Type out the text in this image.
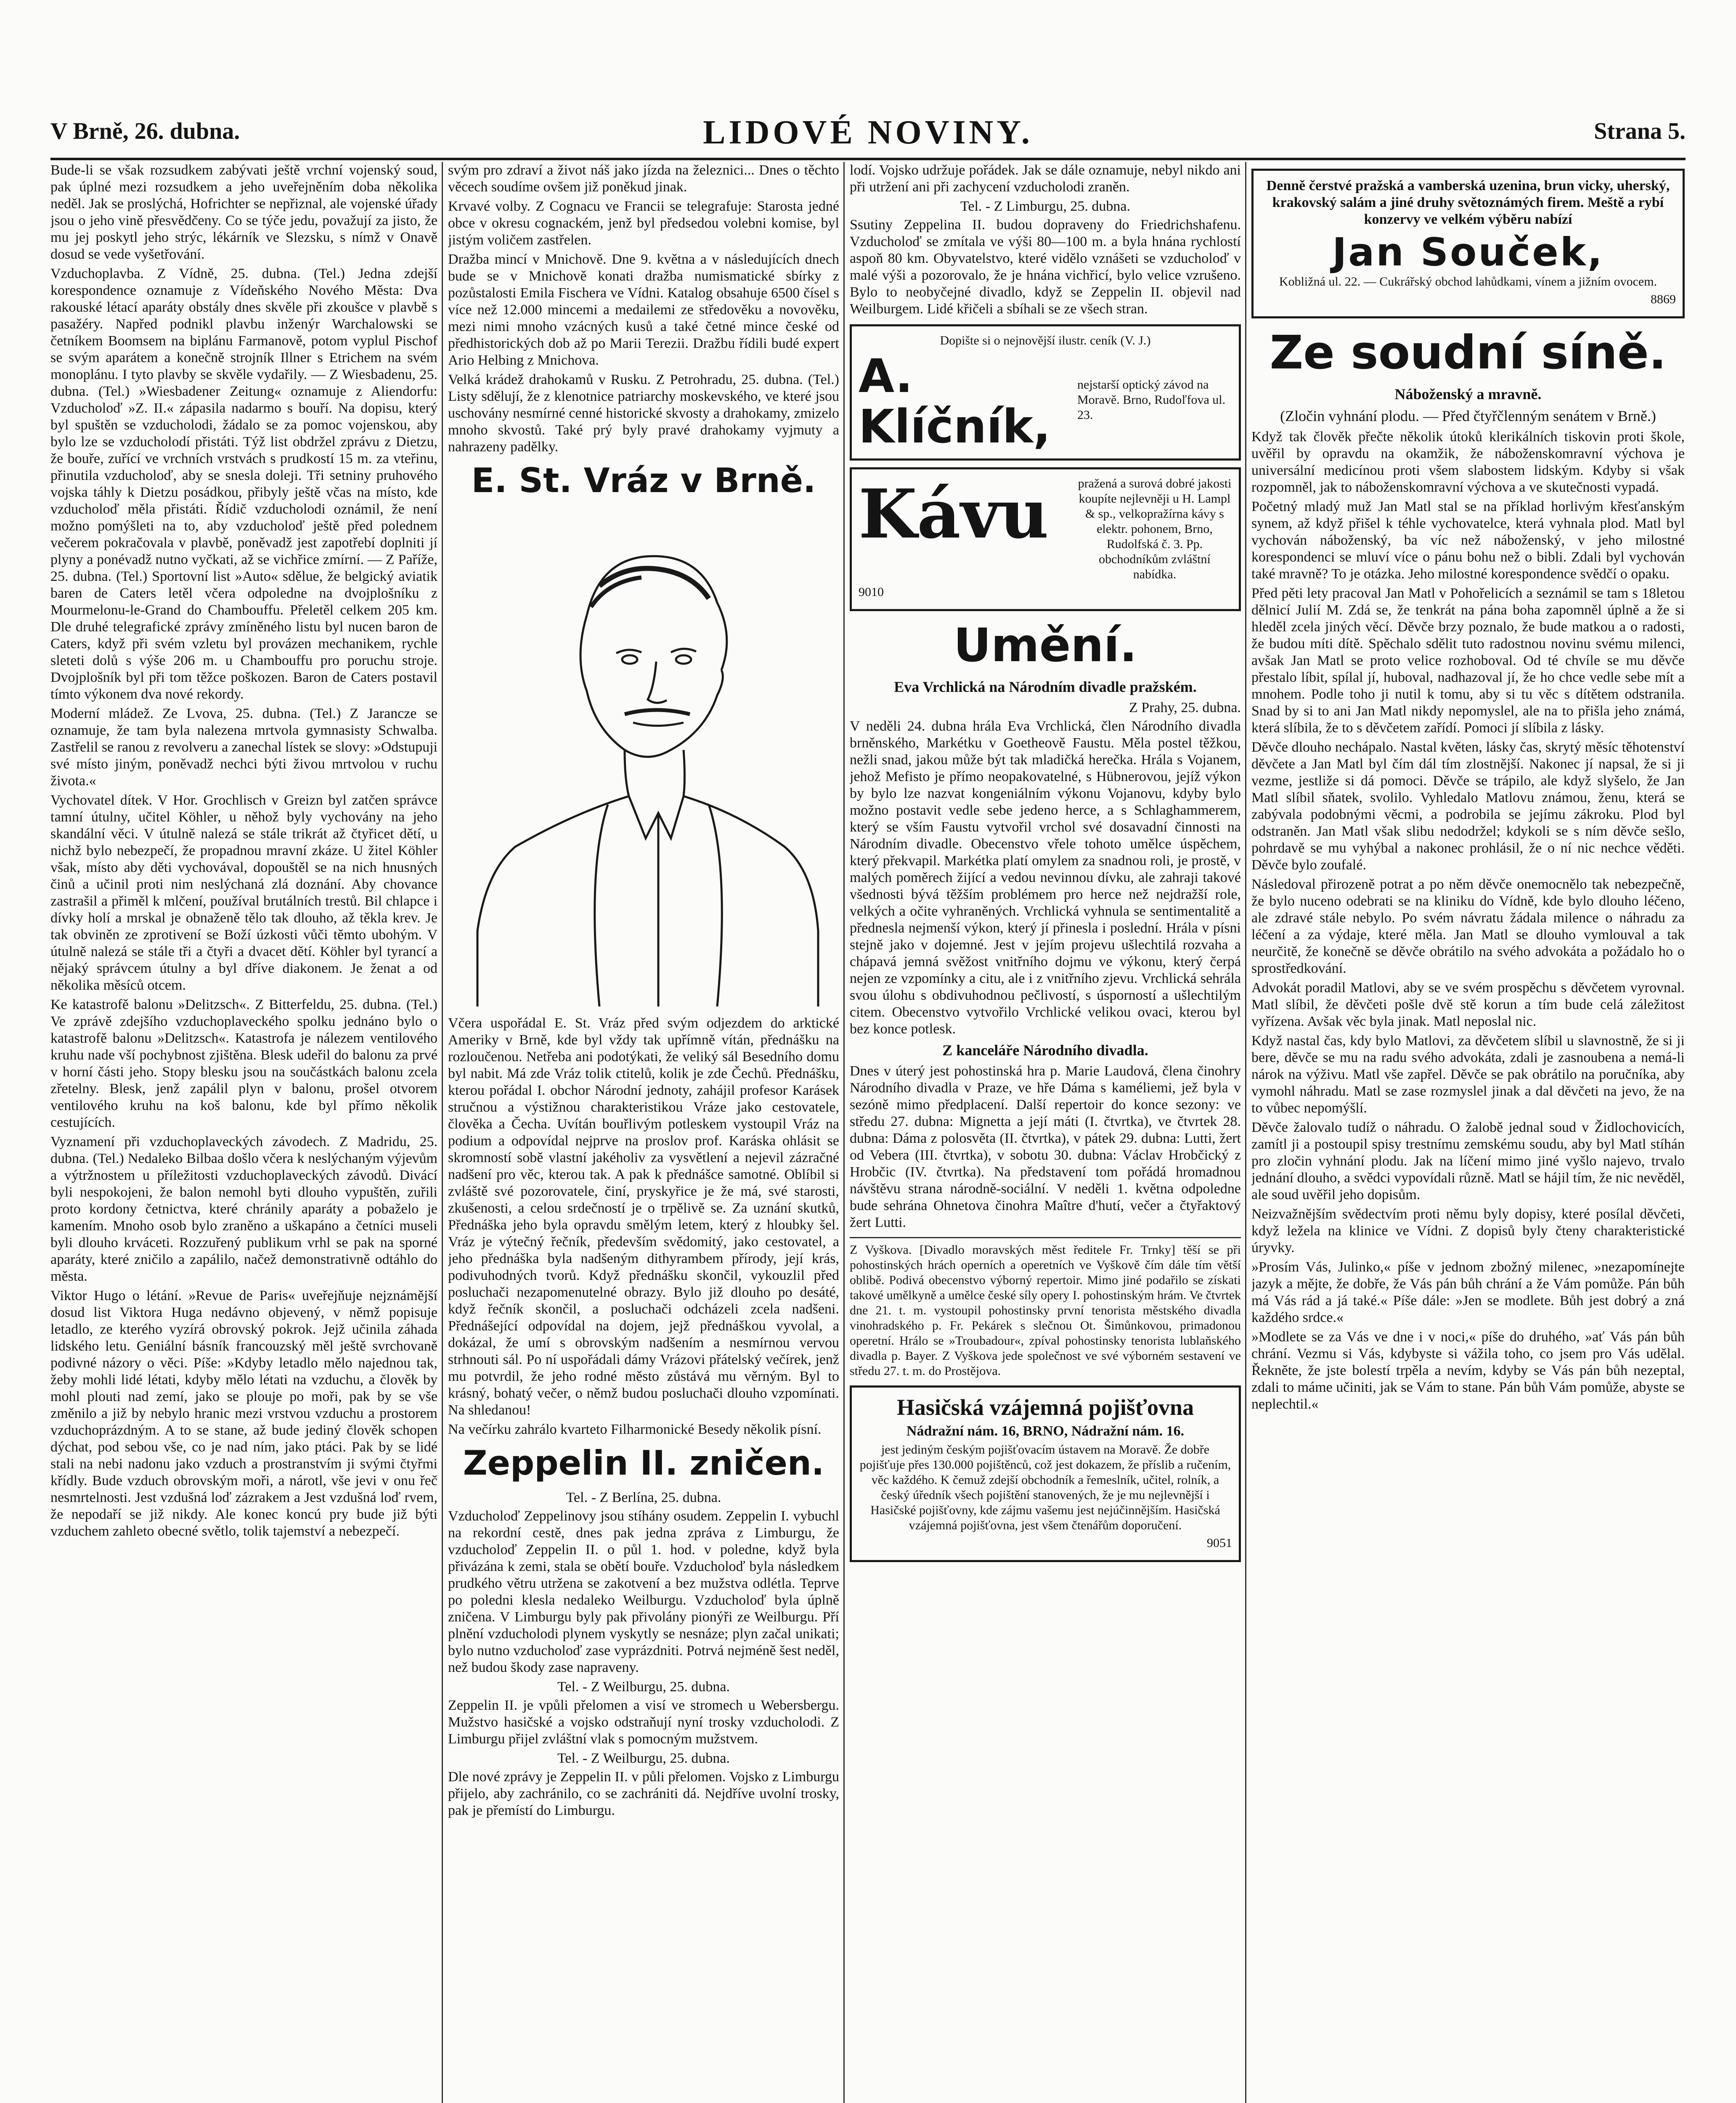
V Brně, 26. dubna.	LIDOVÉ NOVINY.	Strana 5.

Bude-li se však rozsudkem zabývati ještě vrchní vojenský soud, pak úplné mezi rozsudkem a jeho uveřejněním doba několika neděl. Jak se proslýchá, Hofrichter se nepřiznal, ale vojenské úřady jsou o jeho vině přesvědčeny. Co se týče jedu, považují za jisto, že mu jej poskytl jeho strýc, lékárník ve Slezsku, s nímž v Onavě dosud se vede vyšetřování.

Vzduchoplavba. Z Vídně, 25. dubna. (Tel.) Jedna zdejší korespondence oznamuje z Vídeňského Nového Města: Dva rakouské létací aparáty obstály dnes skvěle při zkoušce v plavbě s pasažéry. Napřed podnikl plavbu inženýr Warchalowski se četníkem Boomsem na biplánu Farmanově, potom vyplul Pischof se svým aparátem a konečně strojník Illner s Etrichem na svém monoplánu. I tyto plavby se skvěle vydařily. — Z Wiesbadenu, 25. dubna. (Tel.) »Wiesbadener Zeitung« oznamuje z Aliendorfu: Vzducholoď »Z. II.« zápasila nadarmo s bouří. Na dopisu, který byl spuštěn se vzducholodi, žádalo se za pomoc vojenskou, aby bylo lze se vzducholodí přistáti. Týž list obdržel zprávu z Dietzu, že bouře, zuřící ve vrchních vrstvách s prudkostí 15 m. za vteřinu, přinutila vzducholoď, aby se snesla doleji. Tři setniny pruhového vojska táhly k Dietzu posádkou, přibyly ještě včas na místo, kde vzducholoď měla přistáti. Řídič vzducholodi oznámil, že není možno pomýšleti na to, aby vzducholoď ještě před polednem večerem pokračovala v plavbě, poněvadž jest zapotřebí doplniti jí plyny a ponévadž nutno vyčkati, až se vichřice zmírní. — Z Paříže, 25. dubna. (Tel.) Sportovní list »Auto« sdělue, že belgický aviatik baren de Caters letěl včera odpoledne na dvojplošníku z Mourmelonu-le-Grand do Chambouffu. Přeletěl celkem 205 km. Dle druhé telegrafické zprávy zmíněného listu byl nucen baron de Caters, když při svém vzletu byl provázen mechanikem, rychle sleteti dolů s výše 206 m. u Chambouffu pro poruchu stroje. Dvojplošník byl při tom těžce poškozen. Baron de Caters postavil tímto výkonem dva nové rekordy.

Moderní mládež. Ze Lvova, 25. dubna. (Tel.) Z Jarancze se oznamuje, že tam byla nalezena mrtvola gymnasisty Schwalba. Zastřelil se ranou z revolveru a zanechal lístek se slovy: »Odstupuji své místo jiným, poněvadž nechci býti živou mrtvolou v ruchu života.«

Vychovatel dítek. V Hor. Grochlisch v Greizn byl zatčen správce tamní útulny, učitel Köhler, u něhož byly vychovány na jeho skandální věci. V útulně nalezá se stále trikrát až čtyřicet dětí, u nichž bylo nebezpečí, že propadnou mravní zkáze. U žitel Köhler však, místo aby děti vychovával, dopouštěl se na nich hnusných činů a učinil proti nim neslýchaná zlá doznání. Aby chovance zastrašil a přiměl k mlčení, používal brutálních trestů. Bil chlapce i dívky holí a mrskal je obnaženě tělo tak dlouho, až těkla krev. Je tak obviněn ze zprotivení se Boží úzkosti vůči těmto ubohým. V útulně nalezá se stále tři a čtyři a dvacet dětí. Köhler byl tyrancí a nějaký správcem útulny a byl dříve diakonem. Je ženat a od několika měsíců otcem.

Ke katastrofě balonu »Delitzsch«. Z Bitterfeldu, 25. dubna. (Tel.) Ve zprávě zdejšího vzduchoplaveckého spolku jednáno bylo o katastrofě balonu »Delitzsch«. Katastrofa je nálezem ventilového kruhu nade vší pochybnost zjištěna. Blesk udeřil do balonu za prvé v horní části jeho. Stopy blesku jsou na součástkách balonu zcela zřetelny. Blesk, jenž zapálil plyn v balonu, prošel otvorem ventilového kruhu na koš balonu, kde byl přímo několik cestujících.

Vyznamení při vzduchoplaveckých závodech. Z Madridu, 25. dubna. (Tel.) Nedaleko Bilbaa došlo včera k neslýchaným výjevům a výtržnostem u příležitosti vzduchoplaveckých závodů. Divácí byli nespokojeni, že balon nemohl byti dlouho vypuštěn, zuřili proto kordony četnictva, které chránily aparáty a pobaželo je kamením. Mnoho osob bylo zraněno a uškapáno a četníci museli byli dlouho krváceti. Rozzuřený publikum vrhl se pak na sporné aparáty, které zničilo a zapálilo, načež demonstrativně odtáhlo do města.

Viktor Hugo o létání. »Revue de Paris« uveřejňuje nejznámější dosud list Viktora Huga nedávno objevený, v němž popisuje letadlo, ze kterého vyzírá obrovský pokrok. Jejž učinila záhada lidského letu. Geniální básník francouzský měl ještě svrchovaně podivné názory o věci. Píše: »Kdyby letadlo mělo najednou tak, žeby mohli lidé létati, kdyby mělo létati na vzduchu, a člověk by mohl plouti nad zemí, jako se plouje po moři, pak by se vše změnilo a již by nebylo hranic mezi vrstvou vzduchu a prostorem vzduchoprázdným. A to se stane, až bude jediný člověk schopen dýchat, pod sebou vše, co je nad ním, jako ptáci. Pak by se lidé stali na nebi nadonu jako vzduch a prostranstvím ji svými čtyřmi křídly. Bude vzduch obrovským moři, a nárotl, vše jevi v onu řeč nesmrtelnosti. Jest vzdušná loď zázrakem a Jest vzdušná loď rvem, že nepodaří se již nikdy. Ale konec koncú pry bude již býti vzduchem zahleto obecné světlo, tolik tajemství a nebezpečí.

svým pro zdraví a život náš jako jízda na železnici... Dnes o těchto věcech soudíme ovšem již poněkud jinak.

Krvavé volby. Z Cognacu ve Francii se telegrafuje: Starosta jedné obce v okresu cognackém, jenž byl předsedou volebni komise, byl jistým voličem zastřelen.

Dražba mincí v Mnichově. Dne 9. května a v následujících dnech bude se v Mnichově konati dražba numismatické sbírky z pozůstalosti Emila Fischera ve Vídni. Katalog obsahuje 6500 čísel s více než 12.000 mincemi a medailemi ze středověku a novověku, mezi nimi mnoho vzácných kusů a také četné mince české od předhistorických dob až po Marii Terezii. Dražbu řídili budé expert Ario Helbing z Mnichova.

Velká krádež drahokamů v Rusku. Z Petrohradu, 25. dubna. (Tel.) Listy sdělují, že z klenotnice patriarchy moskevského, ve které jsou uschovány nesmírné cenné historické skvosty a drahokamy, zmizelo mnoho skvostů. Také prý byly pravé drahokamy vyjmuty a nahrazeny padělky.

E. St. Vráz v Brně.

Včera uspořádal E. St. Vráz před svým odjezdem do arktické Ameriky v Brně, kde byl vždy tak upřímně vítán, přednášku na rozloučenou. Netřeba ani podotýkati, že veliký sál Besedního domu byl nabit. Má zde Vráz tolik ctitelů, kolik je zde Čechů. Přednášku, kterou pořádal I. obchor Národní jednoty, zahájil profesor Karásek stručnou a výstižnou charakteristikou Vráze jako cestovatele, člověka a Čecha. Uvítán bouřlivým potleskem vystoupil Vráz na podium a odpovídal nejprve na proslov prof. Karáska ohlásit se skromností sobě vlastní jakéholiv za vysvětlení a nejevil zázračné nadšení pro věc, kterou tak. A pak k přednášce samotné. Oblíbil si zvláště své pozorovatele, činí, pryskyřice je že má, své starosti, zkušenosti, a celou srdečností je o trpělivě se. Za uznání skutků, Přednáška jeho byla opravdu smělým letem, který z hloubky šel. Vráz je výtečný řečník, především svědomitý, jako cestovatel, a jeho přednáška byla nadšeným dithyrambem přírody, její krás, podivuhodných tvorů. Když přednášku skončil, vykouzlil před posluchači nezapomenutelné obrazy. Bylo již dlouho po desáté, když řečník skončil, a posluchači odcházeli zcela nadšeni. Přednášející odpovídal na dojem, jejž přednáškou vyvolal, a dokázal, že umí s obrovským nadšením a nesmírnou vervou strhnouti sál. Po ní uspořádali dámy Vrázovi přátelský večírek, jenž mu potvrdil, že jeho rodné město zůstává mu věrným. Byl to krásný, bohatý večer, o němž budou posluchači dlouho vzpomínati. Na shledanou!

Na večírku zahrálo kvarteto Filharmonické Besedy několik písní.

Zeppelin II. zničen.

Tel. - Z Berlína, 25. dubna.

Vzducholoď Zeppelinovy jsou stíhány osudem. Zeppelin I. vybuchl na rekordní cestě, dnes pak jedna zpráva z Limburgu, že vzducholoď Zeppelin II. o půl 1. hod. v poledne, když byla přivázána k zemi, stala se obětí bouře. Vzducholoď byla následkem prudkého větru utržena se zakotvení a bez mužstva odlétla. Teprve po poledni klesla nedaleko Weilburgu. Vzducholoď byla úplně zničena. V Limburgu byly pak přivolány pionýři ze Weilburgu. Pří plnění vzducholodi plynem vyskytly se nesnáze; plyn začal unikati; bylo nutno vzducholoď zase vyprázdniti. Potrvá nejméně šest neděl, než budou škody zase napraveny.

Tel. - Z Weilburgu, 25. dubna.

Zeppelin II. je vpůli přelomen a visí ve stromech u Webersbergu. Mužstvo hasičské a vojsko odstraňují nyní trosky vzducholodi. Z Limburgu přijel zvláštní vlak s pomocným mužstvem.

Tel. - Z Weilburgu, 25. dubna.

Dle nové zprávy je Zeppelin II. v půli přelomen. Vojsko z Limburgu přijelo, aby zachránilo, co se zachrániti dá. Nejdříve uvolní trosky, pak je přemístí do Limburgu.

lodí. Vojsko udržuje pořádek. Jak se dále oznamuje, nebyl nikdo ani při utržení ani při zachycení vzducholodi zraněn.

Tel. - Z Limburgu, 25. dubna.

Ssutiny Zeppelina II. budou dopraveny do Friedrichshafenu. Vzducholoď se zmítala ve výši 80—100 m. a byla hnána rychlostí aspoň 80 km. Obyvatelstvo, které vidělo vznášeti se vzducholoď v malé výši a pozorovalo, že je hnána vichřicí, bylo velice vzrušeno. Bylo to neobyčejné divadlo, když se Zeppelin II. objevil nad Weilburgem. Lidé křičeli a sbíhali se ze všech stran.

Dopište si o nejnovější ilustr. ceník (V. J.)

A. Klíčník,

nejstarší optický závod na Moravě. Brno, Rudoľfova ul. 23.

Kávu	pražená a surová dobré jakosti koupíte nejlevněji u H. Lampl & sp., velkopražírna kávy s elektr. pohonem, Brno, Rudolfská č. 3. Pp. obchodníkům zvláštní nabídka.

9010

Umění.

Eva Vrchlická na Národním divadle pražském.

Z Prahy, 25. dubna.

V neděli 24. dubna hrála Eva Vrchlická, člen Národního divadla brněnského, Markétku v Goetheově Faustu. Měla postel těžkou, nežli snad, jakou může být tak mladičká herečka. Hrála s Vojanem, jehož Mefisto je přímo neopakovatelné, s Hübnerovou, jejíž výkon by bylo lze nazvat kongeniálním výkonu Vojanovu, kdyby bylo možno postavit vedle sebe jedeno herce, a s Schlaghammerem, který se vším Faustu vytvořil vrchol své dosavadní činnosti na Národním divadle. Obecenstvo vřele tohoto umělce úspěchem, který překvapil. Markétka platí omylem za snadnou roli, je prostě, v malých poměrech žijící a vedou nevinnou dívku, ale zahraji takové všednosti bývá těžším problémem pro herce než nejdražší role, velkých a očite vyhraněných. Vrchlická vyhnula se sentimentalitě a přednesla nejmenší výkon, který jí přinesla i poslední. Hrála v písni stejně jako v dojemné. Jest v jejím projevu ušlechtilá rozvaha a chápavá jemná svěžost vnitřního dojmu ve výkonu, který čerpá nejen ze vzpomínky a citu, ale i z vnitřního zjevu. Vrchlická sehrála svou úlohu s obdivuhodnou pečlivostí, s úsporností a ušlechtilým citem. Obecenstvo vytvořilo Vrchlické velikou ovaci, kterou byl bez konce potlesk.

Z kanceláře Národního divadla.

Dnes v úterý jest pohostinská hra p. Marie Laudová, člena činohry Národního divadla v Praze, ve hře Dáma s kaméliemi, jež byla v sezóně mimo předplacení. Další repertoir do konce sezony: ve středu 27. dubna: Mignetta a její máti (I. čtvrtka), ve čtvrtek 28. dubna: Dáma z polosvěta (II. čtvrtka), v pátek 29. dubna: Lutti, žert od Vebera (III. čtvrtka), v sobotu 30. dubna: Václav Hrobčický z Hrobčic (IV. čtvrtka). Na představení tom pořádá hromadnou návštěvu strana národně-sociální. V neděli 1. května odpoledne bude sehrána Ohnetova činohra Maître d'hutí, večer a čtyřaktový žert Lutti.

Z Vyškova. [Divadlo moravských měst ředitele Fr. Trnky] těší se při pohostinských hrách operních a operetních ve Vyškově čím dále tím větší oblibě. Podivá obecenstvo výborný repertoir. Mimo jiné podařilo se získati takové umělkyně a umělce české síly opery I. pohostinským hrám. Ve čtvrtek dne 21. t. m. vystoupil pohostinsky první tenorista městského divadla vinohradského p. Fr. Pekárek s slečnou Ot. Šimůnkovou, primadonou operetní. Hrálo se »Troubadour«, zpíval pohostinsky tenorista lublaňského divadla p. Bayer. Z Vyškova jede společnost ve své výborném sestavení ve středu 27. t. m. do Prostějova.

Hasičská vzájemná pojišťovna

Nádražní nám. 16, BRNO, Nádražní nám. 16.

jest jediným českým pojišťovacím ústavem na Moravě. Že dobře pojišťuje přes 130.000 pojištěnců, což jest dokazem, že příslib a ručením, věc každého. K čemuž zdejší obchodník a řemeslník, učitel, rolník, a český úředník všech pojištění stanovených, že je mu nejlevnější i Hasičské pojišťovny, kde zájmu vašemu jest nejúčinnějším. Hasičská vzájemná pojišťovna, jest všem čtenářům doporučení.

9051

Denně čerstvé pražská a vamberská uzenina, brun vicky, uherský, krakovský salám a jiné druhy světoznámých firem. Meště a rybí konzervy ve velkém výběru nabízí

Jan Souček,

Kobližná ul. 22. — Cukrářský obchod lahůdkami, vínem a jižním ovocem.

8869

Ze soudní síně.

Náboženský a mravně.

(Zločin vyhnání plodu. — Před čtyřčlenným senátem v Brně.)

Když tak člověk přečte několik útoků klerikálních tiskovin proti škole, uvěřil by opravdu na okamžik, že náboženskomravní výchova je universální medicínou proti všem slabostem lidským. Kdyby si však rozpomněl, jak to náboženskomravní výchova a ve skutečnosti vypadá.

Početný mladý muž Jan Matl stal se na příklad horlivým křesťanským synem, až když přišel k téhle vychovatelce, která vyhnala plod. Matl byl vychován náboženský, ba víc než náboženský, v jeho milostné korespondenci se mluví více o pánu bohu než o bibli. Zdali byl vychován také mravně? To je otázka. Jeho milostné korespondence svědčí o opaku.

Před pěti lety pracoval Jan Matl v Pohořelicích a seznámil se tam s 18letou dělnicí Julií M. Zdá se, že tenkrát na pána boha zapomněl úplně a že si hleděl zcela jiných věcí. Děvče brzy poznalo, že bude matkou a o radosti, že budou míti dítě. Spěchalo sdělit tuto radostnou novinu svému milenci, avšak Jan Matl se proto velice rozhoboval. Od té chvíle se mu děvče přestalo líbit, spílal jí, huboval, nadhazoval jí, že ho chce vedle sebe mít a mnohem. Podle toho ji nutil k tomu, aby si tu věc s dítětem odstranila. Snad by si to ani Jan Matl nikdy nepomyslel, ale na to přišla jeho známá, která slíbila, že to s děvčetem zařídí. Pomoci jí slíbila z lásky.

Děvče dlouho nechápalo. Nastal květen, lásky čas, skrytý měsíc těhotenství děvčete a Jan Matl byl čím dál tím zlostnější. Nakonec jí napsal, že si ji vezme, jestliže si dá pomoci. Děvče se trápilo, ale když slyšelo, že Jan Matl slíbil sňatek, svolilo. Vyhledalo Matlovu známou, ženu, která se zabývala podobnými věcmi, a podrobila se jejímu zákroku. Plod byl odstraněn. Jan Matl však slibu nedodržel; kdykoli se s ním děvče sešlo, pohrdavě se mu vyhýbal a nakonec prohlásil, že o ní nic nechce věděti. Děvče bylo zoufalé.

Následoval přirozeně potrat a po něm děvče onemocnělo tak nebezpečně, že bylo nuceno odebrati se na kliniku do Vídně, kde bylo dlouho léčeno, ale zdravé stále nebylo. Po svém návratu žádala milence o náhradu za léčení a za výdaje, které měla. Jan Matl se dlouho vymlouval a tak neurčitě, že konečně se děvče obrátilo na svého advokáta a požádalo ho o sprostředkování.

Advokát poradil Matlovi, aby se ve svém prospěchu s děvčetem vyrovnal. Matl slíbil, že děvčeti pošle dvě stě korun a tím bude celá záležitost vyřízena. Avšak věc byla jinak. Matl neposlal nic.

Když nastal čas, kdy bylo Matlovi, za děvčetem slíbil u slavnostně, že si ji bere, děvče se mu na radu svého advokáta, zdali je zasnoubena a nemá-li nárok na výživu. Matl vše zapřel. Děvče se pak obrátilo na poručníka, aby vymohl náhradu. Matl se zase rozmyslel jinak a dal děvčeti na jevo, že na to vůbec nepomýšlí.

Děvče žalovalo tudíž o náhradu. O žalobě jednal soud v Židlochovicích, zamítl ji a postoupil spisy trestnímu zemskému soudu, aby byl Matl stíhán pro zločin vyhnání plodu. Jak na líčení mimo jiné vyšlo najevo, trvalo jednání dlouho, a svědci vypovídali různě. Matl se hájil tím, že nic nevěděl, ale soud uvěřil jeho dopisům.

Neizvažnějším svědectvím proti němu byly dopisy, které posílal děvčeti, když ležela na klinice ve Vídni. Z dopisů byly čteny charakteristické úryvky.

»Prosím Vás, Julinko,« píše v jednom zbožný milenec, »nezapomínejte jazyk a mějte, že dobře, že Vás pán bůh chrání a že Vám pomůže. Pán bůh má Vás rád a já také.« Píše dále: »Jen se modlete. Bůh jest dobrý a zná každého srdce.«

»Modlete se za Vás ve dne i v noci,« píše do druhého, »ať Vás pán bůh chrání. Vezmu si Vás, kdybyste si vážila toho, co jsem pro Vás udělal. Řekněte, že jste bolestí trpěla a nevím, kdyby se Vás pán bůh nezeptal, zdali to máme učiniti, jak se Vám to stane. Pán bůh Vám pomůže, abyste se neplechtil.«
